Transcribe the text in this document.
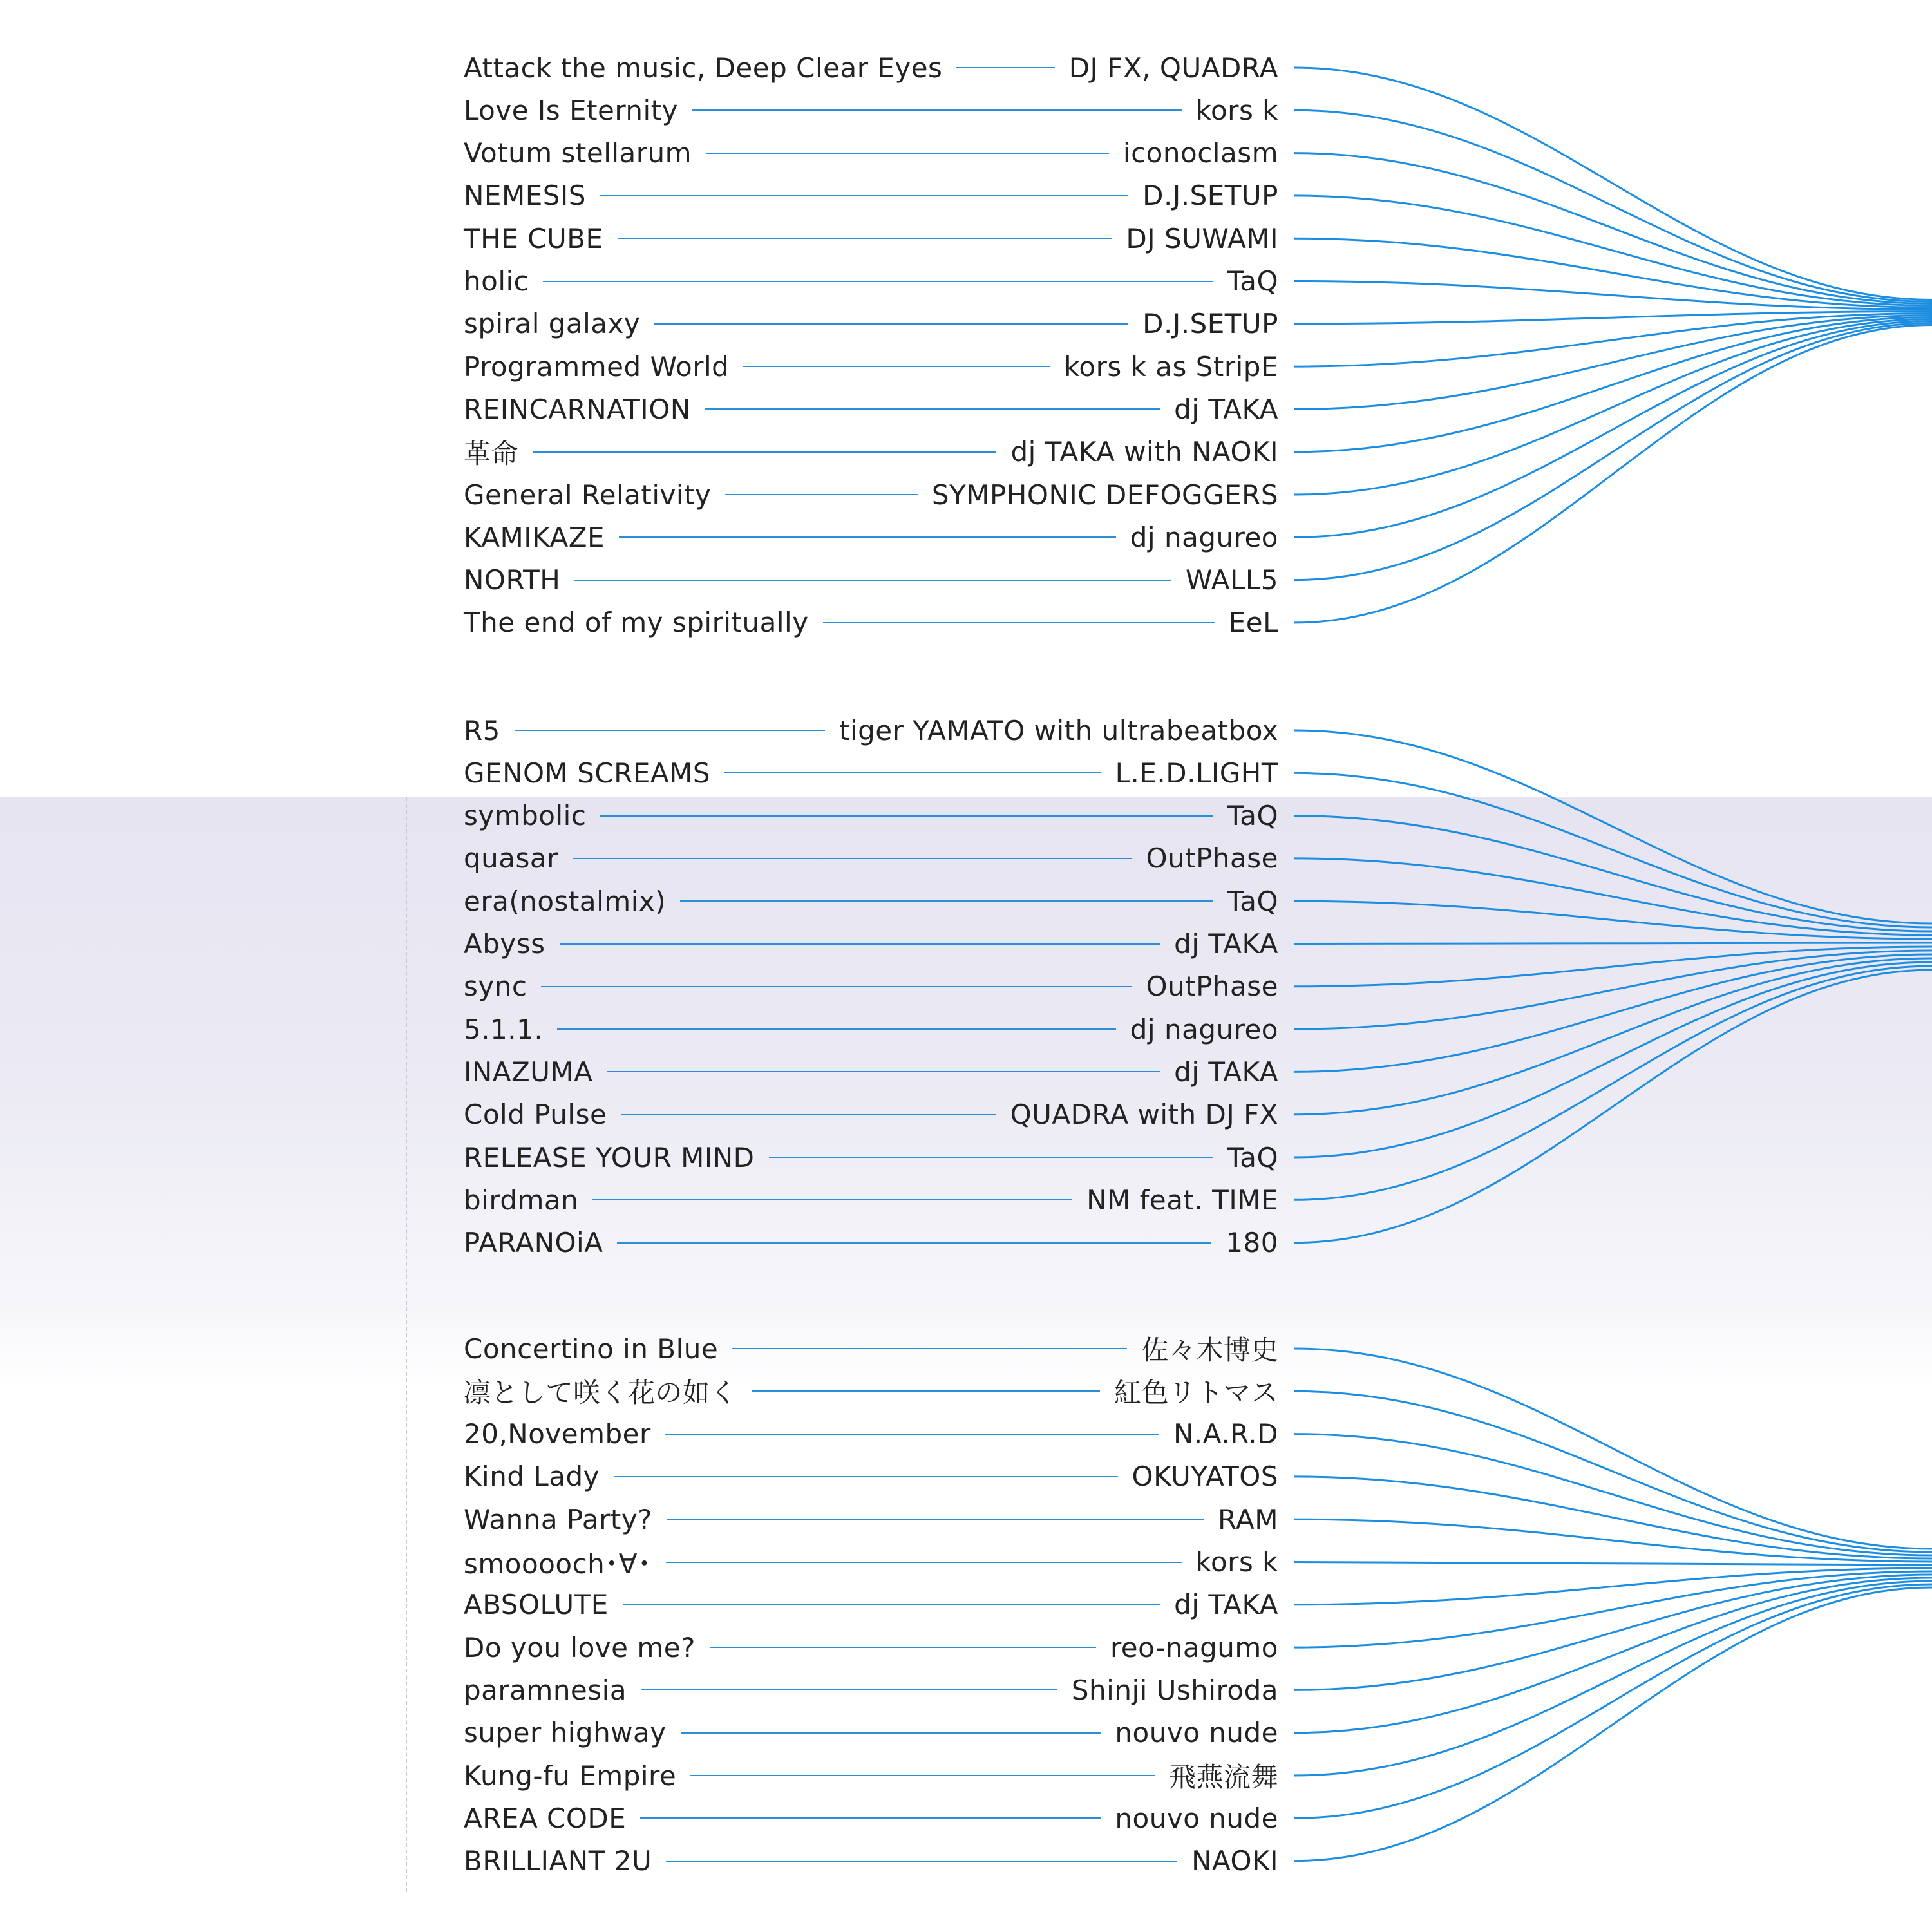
Attack the music, Deep Clear Eyes	DJ FX, QUADRA
Love Is Eternity	kors k
Votum stellarum	iconoclasm
NEMESIS	D.J.SETUP
THE CUBE	DJ SUWAMI
holic	TaQ
spiral galaxy	D.J.SETUP
Programmed World	kors k as StripE
REINCARNATION	dj TAKA
革命	dj TAKA with NAOKI
General Relativity	SYMPHONIC DEFOGGERS
KAMIKAZE	dj nagureo
NORTH	WALL5
The end of my spiritually	EeL
R5	tiger YAMATO with ultrabeatbox
GENOM SCREAMS	L.E.D.LIGHT
symbolic	TaQ
quasar	OutPhase
era(nostalmix)	TaQ
Abyss	dj TAKA
sync	OutPhase
5.1.1.	dj nagureo
INAZUMA	dj TAKA
Cold Pulse	QUADRA with DJ FX
RELEASE YOUR MIND	TaQ
birdman	NM feat. TIME
PARANOiA	180
Concertino in Blue	佐々木博史
凛として咲く花の如く	紅色リトマス
20,November	N.A.R.D
Kind Lady	OKUYATOS
Wanna Party?	RAM
smooooch･∀･	kors k
ABSOLUTE	dj TAKA
Do you love me?	reo-nagumo
paramnesia	Shinji Ushiroda
super highway	nouvo nude
Kung-fu Empire	飛燕流舞
AREA CODE	nouvo nude
BRILLIANT 2U	NAOKI
